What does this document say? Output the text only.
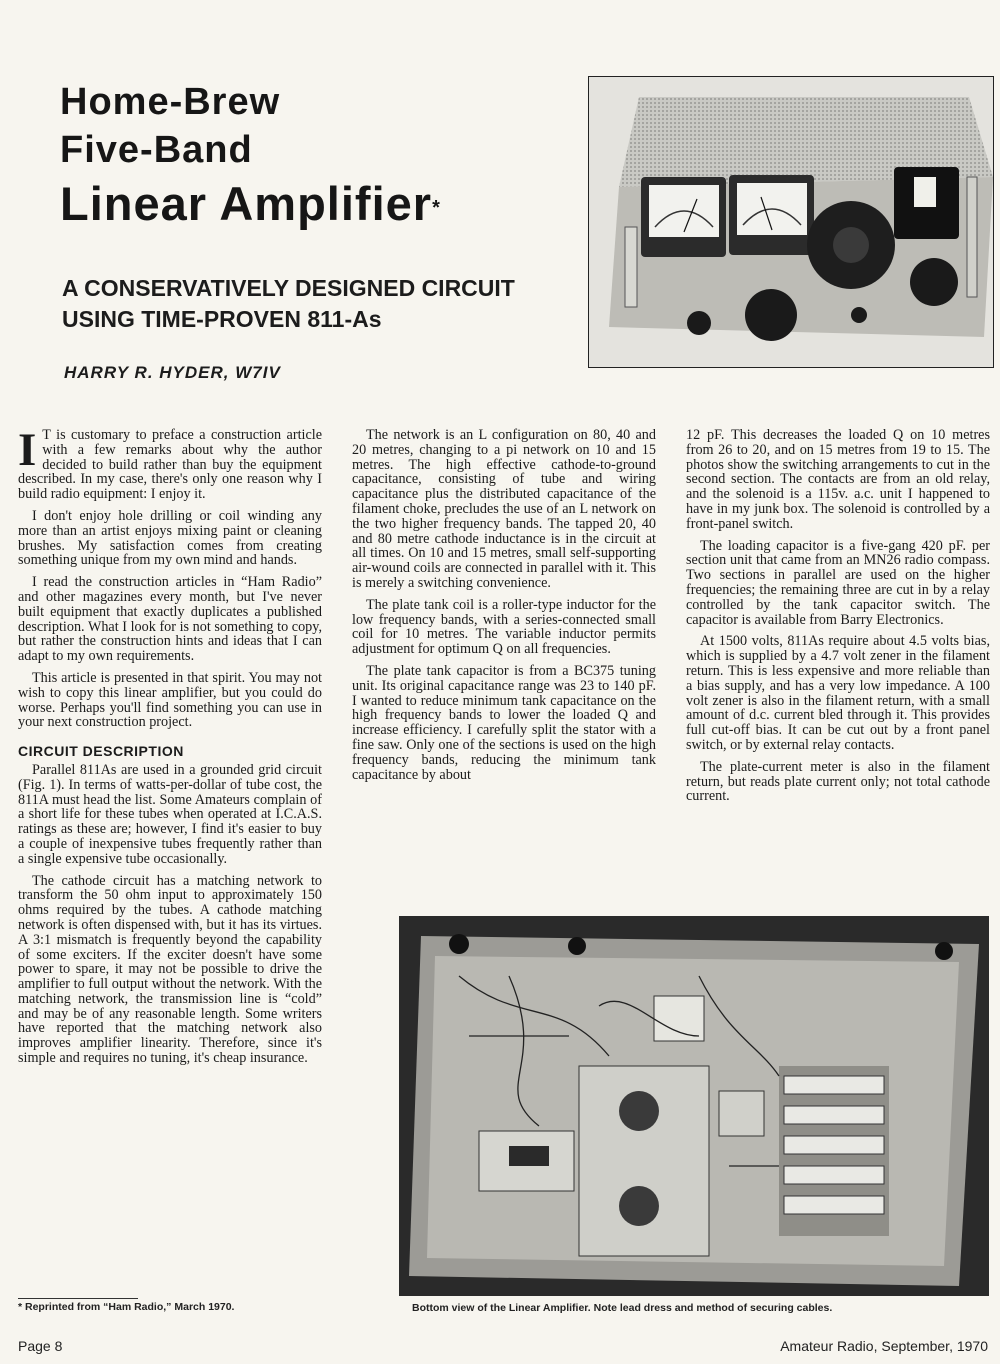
Home-Brew
Five-Band
Linear Amplifier*
A CONSERVATIVELY DESIGNED CIRCUIT
USING TIME-PROVEN 811-As
HARRY R. HYDER, W7IV

I T is customary to preface a construction article with a few remarks about why the author decided to build rather than buy the equipment described. In my case, there's only one reason why I build radio equipment: I enjoy it.

I don't enjoy hole drilling or coil winding any more than an artist enjoys mixing paint or cleaning brushes. My satisfaction comes from creating something unique from my own mind and hands.

I read the construction articles in “Ham Radio” and other magazines every month, but I've never built equipment that exactly duplicates a published description. What I look for is not something to copy, but rather the construction hints and ideas that I can adapt to my own requirements.

This article is presented in that spirit. You may not wish to copy this linear amplifier, but you could do worse. Perhaps you'll find something you can use in your next construction project.

CIRCUIT DESCRIPTION

Parallel 811As are used in a grounded grid circuit (Fig. 1). In terms of watts-per-dollar of tube cost, the 811A must head the list. Some Amateurs complain of a short life for these tubes when operated at I.C.A.S. ratings as these are; however, I find it's easier to buy a couple of inexpensive tubes frequently rather than a single expensive tube occasionally.

The cathode circuit has a matching network to transform the 50 ohm input to approximately 150 ohms required by the tubes. A cathode matching network is often dispensed with, but it has its virtues. A 3:1 mismatch is frequently beyond the capability of some exciters. If the exciter doesn't have some power to spare, it may not be possible to drive the amplifier to full output without the network. With the matching network, the transmission line is “cold” and may be of any reasonable length. Some writers have reported that the matching network also improves amplifier linearity. Therefore, since it's simple and requires no tuning, it's cheap insurance.

The network is an L configuration on 80, 40 and 20 metres, changing to a pi network on 10 and 15 metres. The high effective cathode-to-ground capacitance, consisting of tube and wiring capacitance plus the distributed capacitance of the filament choke, precludes the use of an L network on the two higher frequency bands. The tapped 20, 40 and 80 metre cathode inductance is in the circuit at all times. On 10 and 15 metres, small self-supporting air-wound coils are connected in parallel with it. This is merely a switching convenience.

The plate tank coil is a roller-type inductor for the low frequency bands, with a series-connected small coil for 10 metres. The variable inductor permits adjustment for optimum Q on all frequencies.

The plate tank capacitor is from a BC375 tuning unit. Its original capacitance range was 23 to 140 pF. I wanted to reduce minimum tank capacitance on the high frequency bands to lower the loaded Q and increase efficiency. I carefully split the stator with a fine saw. Only one of the sections is used on the high frequency bands, reducing the minimum tank capacitance by about

12 pF. This decreases the loaded Q on 10 metres from 26 to 20, and on 15 metres from 19 to 15. The photos show the switching arrangements to cut in the second section. The contacts are from an old relay, and the solenoid is a 115v. a.c. unit I happened to have in my junk box. The solenoid is controlled by a front-panel switch.

The loading capacitor is a five-gang 420 pF. per section unit that came from an MN26 radio compass. Two sections in parallel are used on the higher frequencies; the remaining three are cut in by a relay controlled by the tank capacitor switch. The capacitor is available from Barry Electronics.

At 1500 volts, 811As require about 4.5 volts bias, which is supplied by a 4.7 volt zener in the filament return. This is less expensive and more reliable than a bias supply, and has a very low impedance. A 100 volt zener is also in the filament return, with a small amount of d.c. current bled through it. This provides full cut-off bias. It can be cut out by a front panel switch, or by external relay contacts.

The plate-current meter is also in the filament return, but reads plate current only; not total cathode current.

* Reprinted from “Ham Radio,” March 1970.	Bottom view of the Linear Amplifier. Note lead dress and method of securing cables.
Page 8	Amateur Radio, September, 1970
